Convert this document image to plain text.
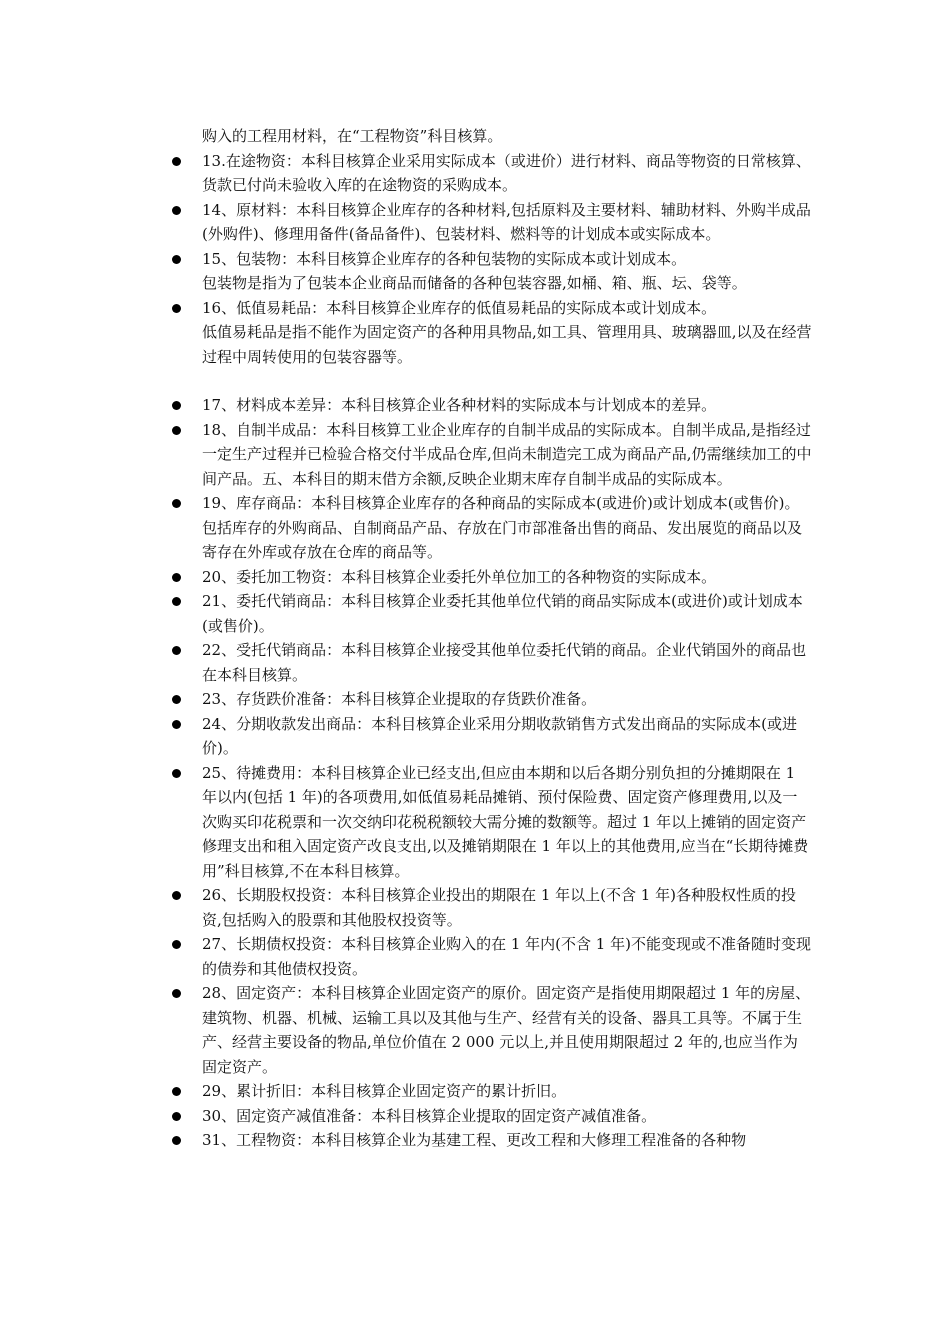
购入的工程用材料，在“工程物资”科目核算。
13.在途物资：本科目核算企业采用实际成本（或进价）进行材料、商品等物资的日常核算、货款已付尚未验收入库的在途物资的采购成本。
14、原材料：本科目核算企业库存的各种材料,包括原料及主要材料、辅助材料、外购半成品(外购件)、修理用备件(备品备件)、包装材料、燃料等的计划成本或实际成本。
15、包装物：本科目核算企业库存的各种包装物的实际成本或计划成本。
包装物是指为了包装本企业商品而储备的各种包装容器,如桶、箱、瓶、坛、袋等。
16、低值易耗品：本科目核算企业库存的低值易耗品的实际成本或计划成本。
低值易耗品是指不能作为固定资产的各种用具物品,如工具、管理用具、玻璃器皿,以及在经营过程中周转使用的包装容器等。
17、材料成本差异：本科目核算企业各种材料的实际成本与计划成本的差异。
18、自制半成品：本科目核算工业企业库存的自制半成品的实际成本。自制半成品,是指经过一定生产过程并已检验合格交付半成品仓库,但尚未制造完工成为商品产品,仍需继续加工的中间产品。五、本科目的期末借方余额,反映企业期末库存自制半成品的实际成本。
19、库存商品：本科目核算企业库存的各种商品的实际成本(或进价)或计划成本(或售价)。包括库存的外购商品、自制商品产品、存放在门市部准备出售的商品、发出展览的商品以及寄存在外库或存放在仓库的商品等。
20、委托加工物资：本科目核算企业委托外单位加工的各种物资的实际成本。
21、委托代销商品：本科目核算企业委托其他单位代销的商品实际成本(或进价)或计划成本(或售价)。
22、受托代销商品：本科目核算企业接受其他单位委托代销的商品。企业代销国外的商品也在本科目核算。
23、存货跌价准备：本科目核算企业提取的存货跌价准备。
24、分期收款发出商品：本科目核算企业采用分期收款销售方式发出商品的实际成本(或进价)。
25、待摊费用：本科目核算企业已经支出,但应由本期和以后各期分别负担的分摊期限在 1 年以内(包括 1 年)的各项费用,如低值易耗品摊销、预付保险费、固定资产修理费用,以及一次购买印花税票和一次交纳印花税税额较大需分摊的数额等。超过 1 年以上摊销的固定资产修理支出和租入固定资产改良支出,以及摊销期限在 1 年以上的其他费用,应当在“长期待摊费用”科目核算,不在本科目核算。
26、长期股权投资：本科目核算企业投出的期限在 1 年以上(不含 1 年)各种股权性质的投资,包括购入的股票和其他股权投资等。
27、长期债权投资：本科目核算企业购入的在 1 年内(不含 1 年)不能变现或不准备随时变现的债券和其他债权投资。
28、固定资产：本科目核算企业固定资产的原价。固定资产是指使用期限超过 1 年的房屋、建筑物、机器、机械、运输工具以及其他与生产、经营有关的设备、器具工具等。不属于生产、经营主要设备的物品,单位价值在 2 000 元以上,并且使用期限超过 2 年的,也应当作为固定资产。
29、累计折旧：本科目核算企业固定资产的累计折旧。
30、固定资产减值准备：本科目核算企业提取的固定资产减值准备。
31、工程物资：本科目核算企业为基建工程、更改工程和大修理工程准备的各种物
